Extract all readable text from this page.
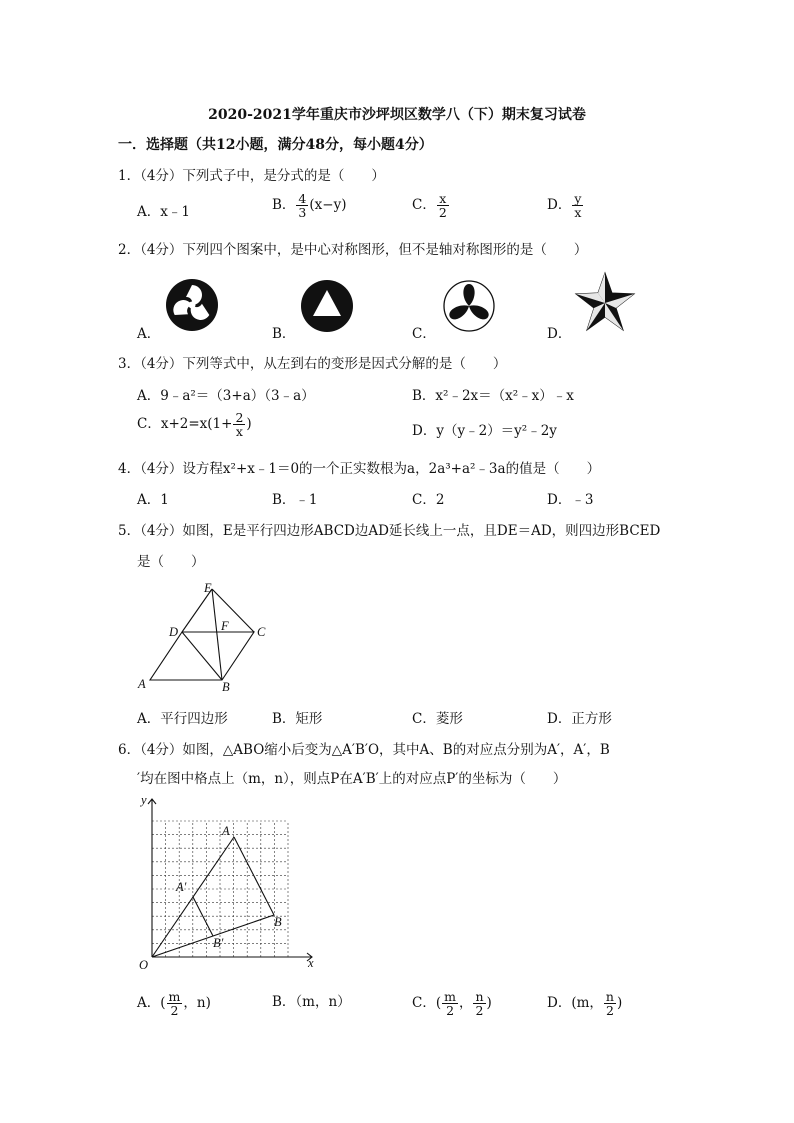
2020-2021学年重庆市沙坪坝区数学八（下）期末复习试卷
一．选择题（共12小题，满分48分，每小题4分）
1．（4分）下列式子中，是分式的是（　　）
A．x﹣1	B． $\frac{4}{3} (x-y)$	C． $\frac{x}{2}$	D． $\frac{y}{x}$
2．（4分）下列四个图案中，是中心对称图形，但不是轴对称图形的是（　　）
A．	B．	C．	D．
3．（4分）下列等式中，从左到右的变形是因式分解的是（　　）
A．9﹣a²＝（3+a）（3﹣a）	B．x²﹣2x＝（x²﹣x）﹣x
C．$x+2=x(1+ \frac{2}{x}$ )	D．y（y﹣2）＝y²﹣2y
4．（4分）设方程x²+x﹣1＝0的一个正实数根为a，2a³+a²﹣3a的值是（　　）
A．1	B．﹣1	C．2	D．﹣3
5．（4分）如图，E是平行四边形ABCD边AD延长线上一点，且DE＝AD，则四边形BCED
是（　　）
E
D	F C
A	B
A．平行四边形	B．矩形	C．菱形	D．正方形
6．（4分）如图，△ABO缩小后变为△A′B′O，其中A、B的对应点分别为A′，A′，B
′均在图中格点上（m，n），则点P在A′B′上的对应点P′的坐标为（　　）
y
x
O
A
A′
B
B′
A．( $\frac{m}{2}$ ，n)	B．（m，n）	C．( $\frac{m}{2}$ ， $\frac{n}{2}$ )	D．(m， $\frac{n}{2}$ )
